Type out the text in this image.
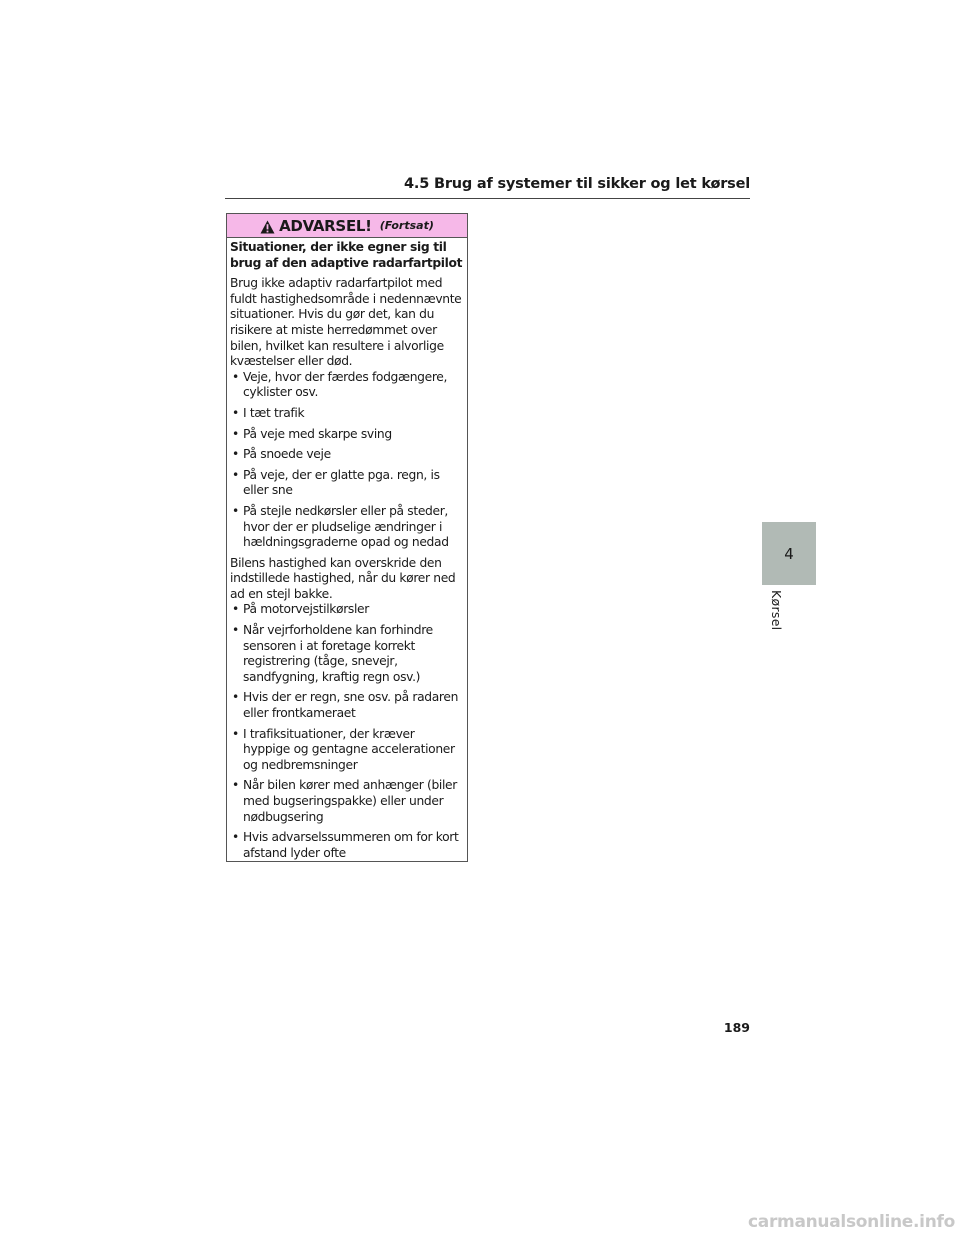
4.5 Brug af systemer til sikker og let kørsel
ADVARSEL! (Fortsat)

Situationer, der ikke egner sig til brug af den adaptive radarfartpilot

Brug ikke adaptiv radarfartpilot med fuldt hastighedsområde i nedennævnte situationer. Hvis du gør det, kan du risikere at miste herredømmet over bilen, hvilket kan resultere i alvorlige kvæstelser eller død.

• Veje, hvor der færdes fodgængere, cyklister osv.
• I tæt trafik
• På veje med skarpe sving
• På snoede veje
• På veje, der er glatte pga. regn, is eller sne
• På stejle nedkørsler eller på steder, hvor der er pludselige ændringer i hældningsgraderne opad og nedad

Bilens hastighed kan overskride den indstillede hastighed, når du kører ned ad en stejl bakke.

• På motorvejstilkørsler
• Når vejrforholdene kan forhindre sensoren i at foretage korrekt registrering (tåge, snevejr, sandfygning, kraftig regn osv.)
• Hvis der er regn, sne osv. på radaren eller frontkameraet
• I trafiksituationer, der kræver hyppige og gentagne accelerationer og nedbremsninger
• Når bilen kører med anhænger (biler med bugseringspakke) eller under nødbugsering
• Hvis advarselssummeren om for kort afstand lyder ofte
4
Kørsel
189
carmanualsonline.info
